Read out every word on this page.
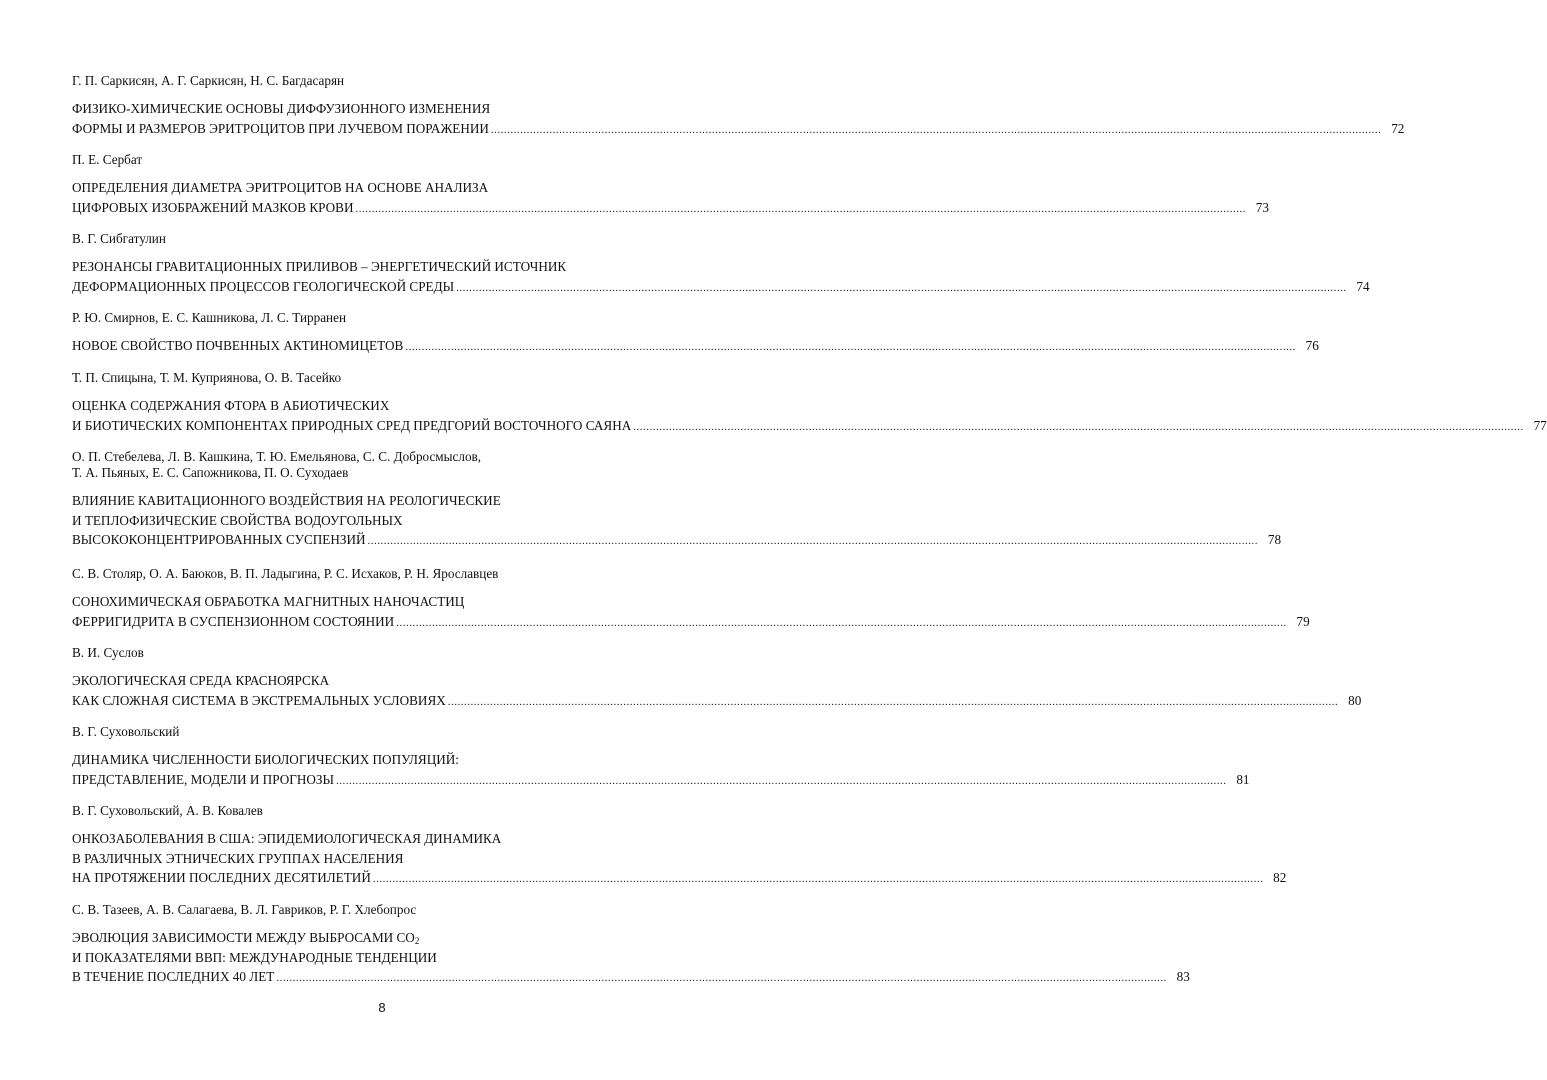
Г. П. Саркисян, А. Г. Саркисян, Н. С. Багдасарян
ФИЗИКО-ХИМИЧЕСКИЕ ОСНОВЫ ДИФФУЗИОННОГО ИЗМЕНЕНИЯ
ФОРМЫ И РАЗМЕРОВ ЭРИТРОЦИТОВ ПРИ ЛУЧЕВОМ ПОРАЖЕНИИ .................................................................................................................................................................................................................................................................................. 72
П. Е. Сербат
ОПРЕДЕЛЕНИЯ ДИАМЕТРА ЭРИТРОЦИТОВ НА ОСНОВЕ АНАЛИЗА
ЦИФРОВЫХ ИЗОБРАЖЕНИЙ МАЗКОВ КРОВИ .................................................................................................................................................................................................................................................................................. 73
В. Г. Сибгатулин
РЕЗОНАНСЫ ГРАВИТАЦИОННЫХ ПРИЛИВОВ – ЭНЕРГЕТИЧЕСКИЙ ИСТОЧНИК
ДЕФОРМАЦИОННЫХ ПРОЦЕССОВ ГЕОЛОГИЧЕСКОЙ СРЕДЫ .................................................................................................................................................................................................................................................................................. 74
Р. Ю. Смирнов, Е. С. Кашникова, Л. С. Тирранен
НОВОЕ СВОЙСТВО ПОЧВЕННЫХ АКТИНОМИЦЕТОВ .................................................................................................................................................................................................................................................................................. 76
Т. П. Спицына, Т. М. Куприянова, О. В. Тасейко
ОЦЕНКА СОДЕРЖАНИЯ ФТОРА В АБИОТИЧЕСКИХ
И БИОТИЧЕСКИХ КОМПОНЕНТАХ ПРИРОДНЫХ СРЕД ПРЕДГОРИЙ ВОСТОЧНОГО САЯНА .................................................................................................................................................................................................................................................................................. 77
О. П. Стебелева, Л. В. Кашкина, Т. Ю. Емельянова, С. С. Добросмыслов,
Т. А. Пьяных, Е. С. Сапожникова, П. О. Суходаев
ВЛИЯНИЕ КАВИТАЦИОННОГО ВОЗДЕЙСТВИЯ НА РЕОЛОГИЧЕСКИЕ
И ТЕПЛОФИЗИЧЕСКИЕ СВОЙСТВА ВОДОУГОЛЬНЫХ
ВЫСОКОКОНЦЕНТРИРОВАННЫХ СУСПЕНЗИЙ .................................................................................................................................................................................................................................................................................. 78
С. В. Столяр, О. А. Баюков, В. П. Ладыгина, Р. С. Исхаков, Р. Н. Ярославцев
СОНОХИМИЧЕСКАЯ ОБРАБОТКА МАГНИТНЫХ НАНОЧАСТИЦ
ФЕРРИГИДРИТА В СУСПЕНЗИОННОМ СОСТОЯНИИ .................................................................................................................................................................................................................................................................................. 79
В. И. Суслов
ЭКОЛОГИЧЕСКАЯ СРЕДА КРАСНОЯРСКА
КАК СЛОЖНАЯ СИСТЕМА В ЭКСТРЕМАЛЬНЫХ УСЛОВИЯХ .................................................................................................................................................................................................................................................................................. 80
В. Г. Суховольский
ДИНАМИКА ЧИСЛЕННОСТИ БИОЛОГИЧЕСКИХ ПОПУЛЯЦИЙ:
ПРЕДСТАВЛЕНИЕ, МОДЕЛИ И ПРОГНОЗЫ .................................................................................................................................................................................................................................................................................. 81
В. Г. Суховольский, А. В. Ковалев
ОНКОЗАБОЛЕВАНИЯ В США: ЭПИДЕМИОЛОГИЧЕСКАЯ ДИНАМИКА
В РАЗЛИЧНЫХ ЭТНИЧЕСКИХ ГРУППАХ НАСЕЛЕНИЯ
НА ПРОТЯЖЕНИИ ПОСЛЕДНИХ ДЕСЯТИЛЕТИЙ .................................................................................................................................................................................................................................................................................. 82
С. В. Тазеев, А. В. Салагаева, В. Л. Гавриков, Р. Г. Хлебопрос
ЭВОЛЮЦИЯ ЗАВИСИМОСТИ МЕЖДУ ВЫБРОСАМИ $CO_2$
И ПОКАЗАТЕЛЯМИ ВВП: МЕЖДУНАРОДНЫЕ ТЕНДЕНЦИИ
В ТЕЧЕНИЕ ПОСЛЕДНИХ 40 ЛЕТ .................................................................................................................................................................................................................................................................................. 83
8
